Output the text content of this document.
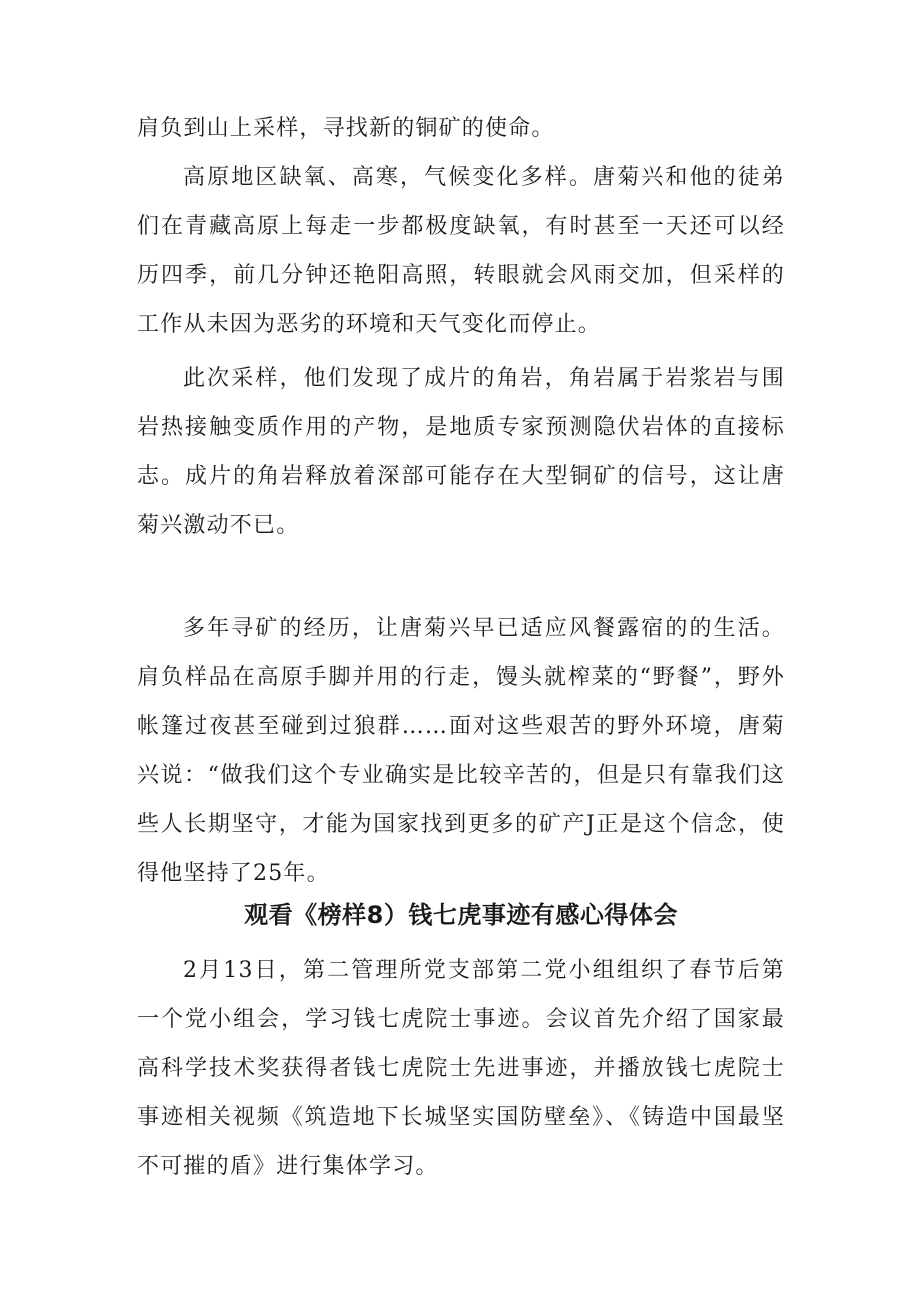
肩负到山上采样，寻找新的铜矿的使命。

高原地区缺氧、高寒，气候变化多样。唐菊兴和他的徒弟们在青藏高原上每走一步都极度缺氧，有时甚至一天还可以经历四季，前几分钟还艳阳高照，转眼就会风雨交加，但采样的工作从未因为恶劣的环境和天气变化而停止。

此次采样，他们发现了成片的角岩，角岩属于岩浆岩与围岩热接触变质作用的产物，是地质专家预测隐伏岩体的直接标志。成片的角岩释放着深部可能存在大型铜矿的信号，这让唐菊兴激动不已。

多年寻矿的经历，让唐菊兴早已适应风餐露宿的的生活。肩负样品在高原手脚并用的行走，馒头就榨菜的“野餐”，野外帐篷过夜甚至碰到过狼群……面对这些艰苦的野外环境，唐菊兴说：“做我们这个专业确实是比较辛苦的，但是只有靠我们这些人长期坚守，才能为国家找到更多的矿产J正是这个信念，使得他坚持了25年。

观看《榜样8）钱七虎事迹有感心得体会

2月13日，第二管理所党支部第二党小组组织了春节后第一个党小组会，学习钱七虎院士事迹。会议首先介绍了国家最高科学技术奖获得者钱七虎院士先进事迹，并播放钱七虎院士事迹相关视频《筑造地下长城坚实国防壁垒》、《铸造中国最坚不可摧的盾》进行集体学习。
